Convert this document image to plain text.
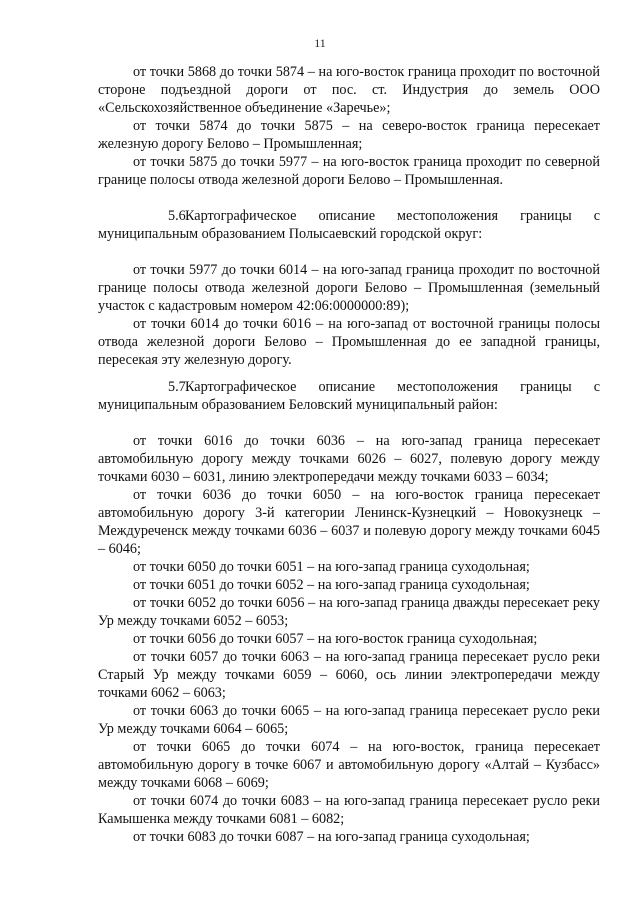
11
от точки 5868 до точки 5874 – на юго-восток граница проходит по восточной стороне подъездной дороги от пос. ст. Индустрия до земель ООО «Сельскохозяйственное объединение «Заречье»;
от точки 5874 до точки 5875 – на северо-восток граница пересекает железную дорогу Белово – Промышленная;
от точки 5875 до точки 5977 – на юго-восток граница проходит по северной границе полосы отвода железной дороги Белово – Промышленная.
5.6.Картографическое описание местоположения границы с муниципальным образованием Полысаевский городской округ:
от точки 5977 до точки 6014 – на юго-запад граница проходит по восточной границе полосы отвода железной дороги Белово – Промышленная (земельный участок с кадастровым номером 42:06:0000000:89);
от точки 6014 до точки 6016 – на юго-запад от восточной границы полосы отвода железной дороги Белово – Промышленная до ее западной границы, пересекая эту железную дорогу.
5.7.Картографическое описание местоположения границы с муниципальным образованием Беловский муниципальный район:
от точки 6016 до точки 6036 – на юго-запад граница пересекает автомобильную дорогу между точками 6026 – 6027, полевую дорогу между точками 6030 – 6031, линию электропередачи между точками 6033 – 6034;
от точки 6036 до точки 6050 – на юго-восток граница пересекает автомобильную дорогу 3-й категории Ленинск-Кузнецкий – Новокузнецк – Междуреченск между точками 6036 – 6037 и полевую дорогу между точками 6045 – 6046;
от точки 6050 до точки 6051 – на юго-запад граница суходольная;
от точки 6051 до точки 6052 – на юго-запад граница суходольная;
от точки 6052 до точки 6056 – на юго-запад граница дважды пересекает реку Ур между точками 6052 – 6053;
от точки 6056 до точки 6057 – на юго-восток граница суходольная;
от точки 6057 до точки 6063 – на юго-запад граница пересекает русло реки Старый Ур между точками 6059 – 6060, ось линии электропередачи между точками 6062 – 6063;
от точки 6063 до точки 6065 – на юго-запад граница пересекает русло реки Ур между точками 6064 – 6065;
от точки 6065 до точки 6074 – на юго-восток, граница пересекает автомобильную дорогу в точке 6067 и автомобильную дорогу «Алтай – Кузбасс» между точками 6068 – 6069;
от точки 6074 до точки 6083 – на юго-запад граница пересекает русло реки Камышенка между точками 6081 – 6082;
от точки 6083 до точки 6087 – на юго-запад граница суходольная;
